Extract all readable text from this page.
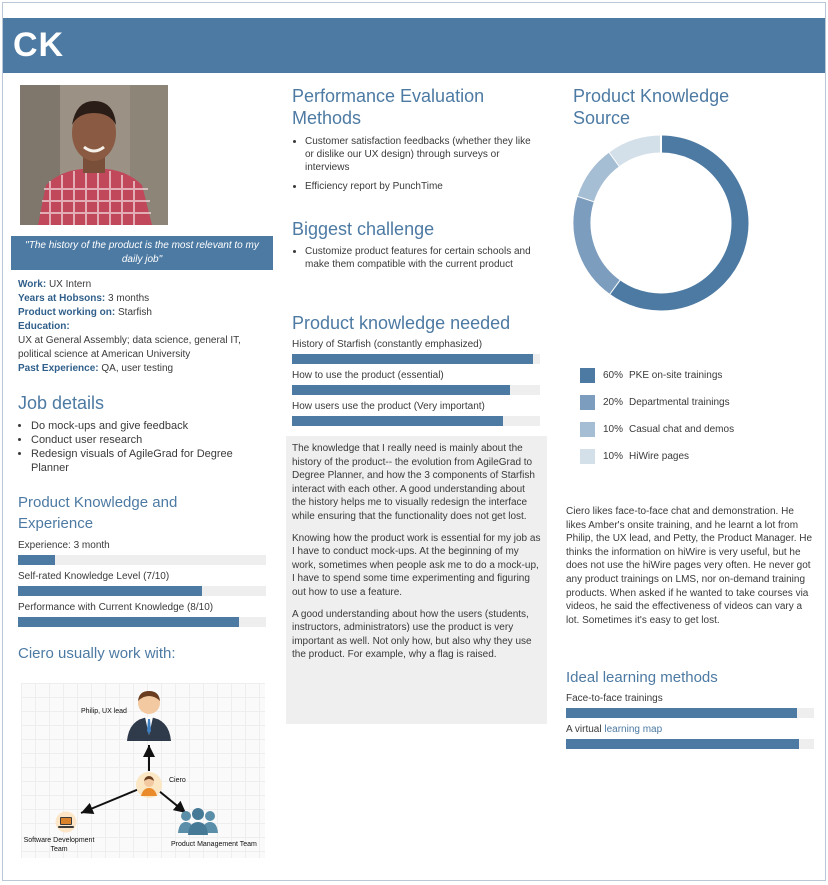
CK
"The history of the product is the most relevant to my daily job"
Work: UX Intern
Years at Hobsons: 3 months
Product working on: Starfish
Education:
UX at General Assembly; data science, general IT, political science at American University
Past Experience: QA, user testing
Job details
• Do mock-ups and give feedback
• Conduct user research
• Redesign visuals of AgileGrad for Degree Planner
Product Knowledge and Experience
Experience: 3 month
Self-rated Knowledge Level (7/10)
Performance with Current Knowledge (8/10)
Ciero usually work with:
Philip, UX lead
Ciero
Software Development Team
Product Management Team
Performance Evaluation Methods
• Customer satisfaction feedbacks (whether they like or dislike our UX design) through surveys or interviews
• Efficiency report by PunchTime
Biggest challenge
• Customize product features for certain schools and make them compatible with the current product
Product knowledge needed
History of Starfish (constantly emphasized)
How to use the product (essential)
How users use the product (Very important)

The knowledge that I really need is mainly about the history of the product-- the evolution from AgileGrad to Degree Planner, and how the 3 components of Starfish interact with each other. A good understanding about the history helps me to visually redesign the interface while ensuring that the functionality does not get lost.

Knowing how the product work is essential for my job as I have to conduct mock-ups. At the beginning of my work, sometimes when people ask me to do a mock-up, I have to spend some time experimenting and figuring out how to use a feature.

A good understanding about how the users (students, instructors, administrators) use the product is very important as well. Not only how, but also why they use the product. For example, why a flag is raised.

Product Knowledge Source
60% PKE on-site trainings
20% Departmental trainings
10% Casual chat and demos
10% HiWire pages
Ciero likes face-to-face chat and demonstration. He likes Amber's onsite training, and he learnt a lot from Philip, the UX lead, and Petty, the Product Manager. He thinks the information on hiWire is very useful, but he does not use the hiWire pages very often. He never got any product trainings on LMS, nor on-demand training products. When asked if he wanted to take courses via videos, he said the effectiveness of videos can vary a lot. Sometimes it's easy to get lost.
Ideal learning methods
Face-to-face trainings
A virtual learning map
